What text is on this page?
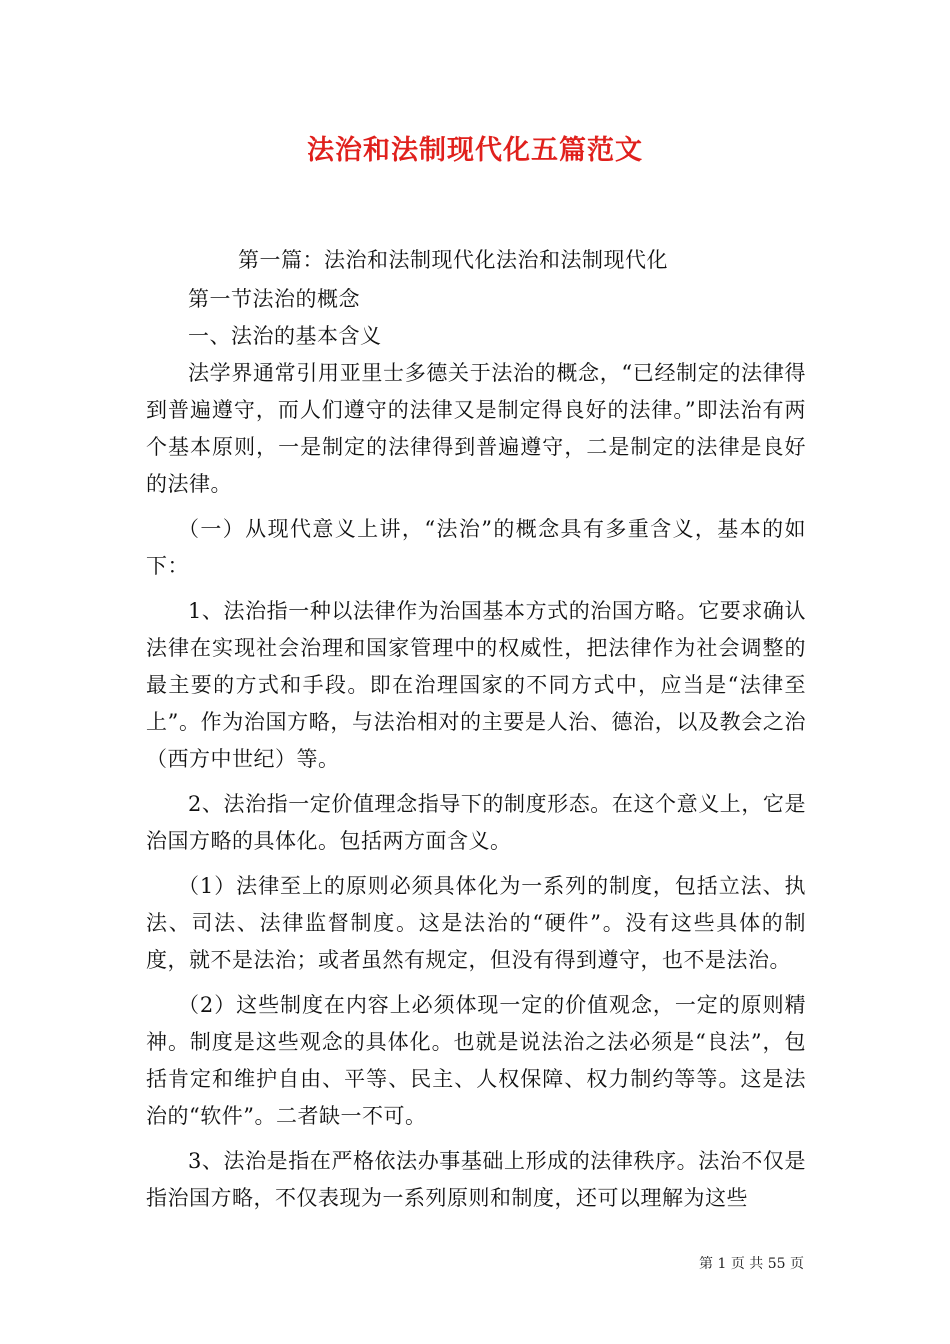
法治和法制现代化五篇范文

第一篇：法治和法制现代化法治和法制现代化

第一节法治的概念

一、法治的基本含义

法学界通常引用亚里士多德关于法治的概念，“已经制定的法律得到普遍遵守，而人们遵守的法律又是制定得良好的法律。”即法治有两个基本原则，一是制定的法律得到普遍遵守，二是制定的法律是良好的法律。

（一）从现代意义上讲，“法治”的概念具有多重含义，基本的如下：

1、法治指一种以法律作为治国基本方式的治国方略。它要求确认法律在实现社会治理和国家管理中的权威性，把法律作为社会调整的最主要的方式和手段。即在治理国家的不同方式中，应当是“法律至上”。作为治国方略，与法治相对的主要是人治、德治，以及教会之治（西方中世纪）等。

2、法治指一定价值理念指导下的制度形态。在这个意义上，它是治国方略的具体化。包括两方面含义。

（1）法律至上的原则必须具体化为一系列的制度，包括立法、执法、司法、法律监督制度。这是法治的“硬件”。没有这些具体的制度，就不是法治；或者虽然有规定，但没有得到遵守，也不是法治。

（2）这些制度在内容上必须体现一定的价值观念，一定的原则精神。制度是这些观念的具体化。也就是说法治之法必须是“良法”，包括肯定和维护自由、平等、民主、人权保障、权力制约等等。这是法治的“软件”。二者缺一不可。

3、法治是指在严格依法办事基础上形成的法律秩序。法治不仅是指治国方略，不仅表现为一系列原则和制度，还可以理解为这些

第 1 页 共 55 页
